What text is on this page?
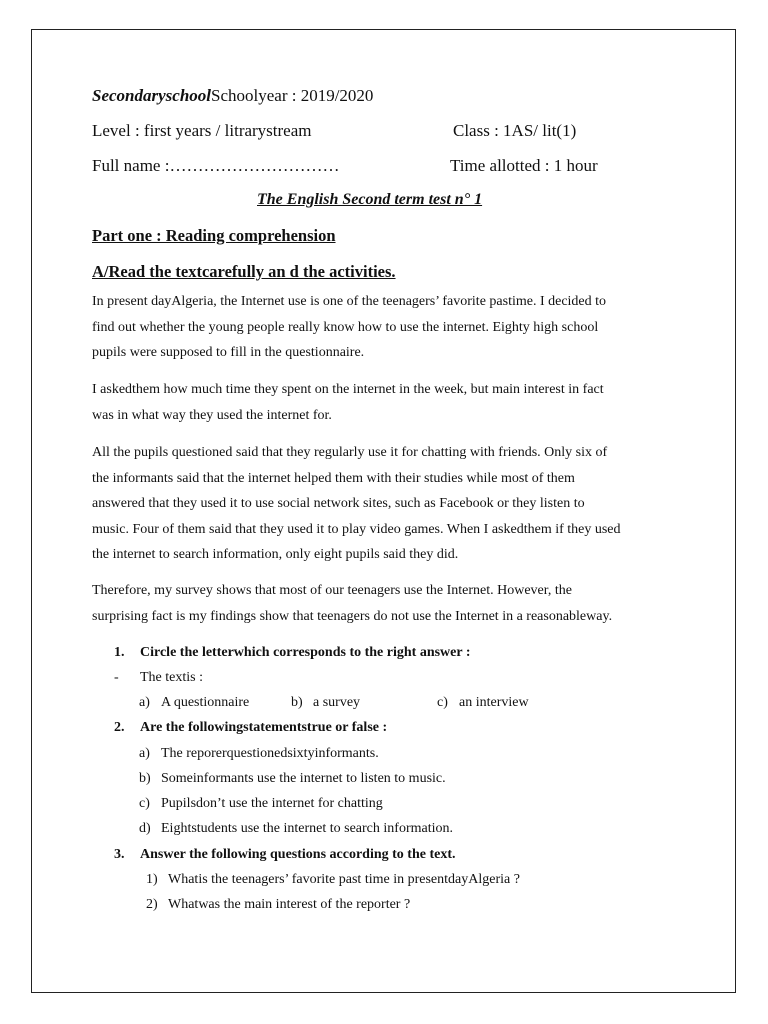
SecondaryschoolSchoolyear : 2019/2020
Level : first years / litrarystream	Class : 1AS/ lit(1)
Full name :…………………………	Time allotted : 1 hour
The English Second term test n° 1
Part one : Reading comprehension
A/Read the textcarefully an d the activities.

In present dayAlgeria, the Internet use is one of the teenagers’ favorite pastime. I decided to

find out whether the young people really know how to use the internet. Eighty high school

pupils were supposed to fill in the questionnaire.

I askedthem how much time they spent on the internet in the week, but main interest in fact

was in what way they used the internet for.

All the pupils questioned said that they regularly use it for chatting with friends. Only six of

the informants said that the internet helped them with their studies while most of them

answered that they used it to use social network sites, such as Facebook or they listen to

music. Four of them said that they used it to play video games. When I askedthem if they used

the internet to search information, only eight pupils said they did.

Therefore, my survey shows that most of our teenagers use the Internet. However, the

surprising fact is my findings show that teenagers do not use the Internet in a reasonableway.

1. Circle the letterwhich corresponds to the right answer :
- The textis :
a) A questionnaire	b) a survey	c) an interview
2. Are the followingstatementstrue or false :
a) The reporerquestionedsixtyinformants.
b) Someinformants use the internet to listen to music.
c) Pupilsdon’t use the internet for chatting
d) Eightstudents use the internet to search information.
3. Answer the following questions according to the text.
1) Whatis the teenagers’ favorite past time in presentdayAlgeria ?
2) Whatwas the main interest of the reporter ?
